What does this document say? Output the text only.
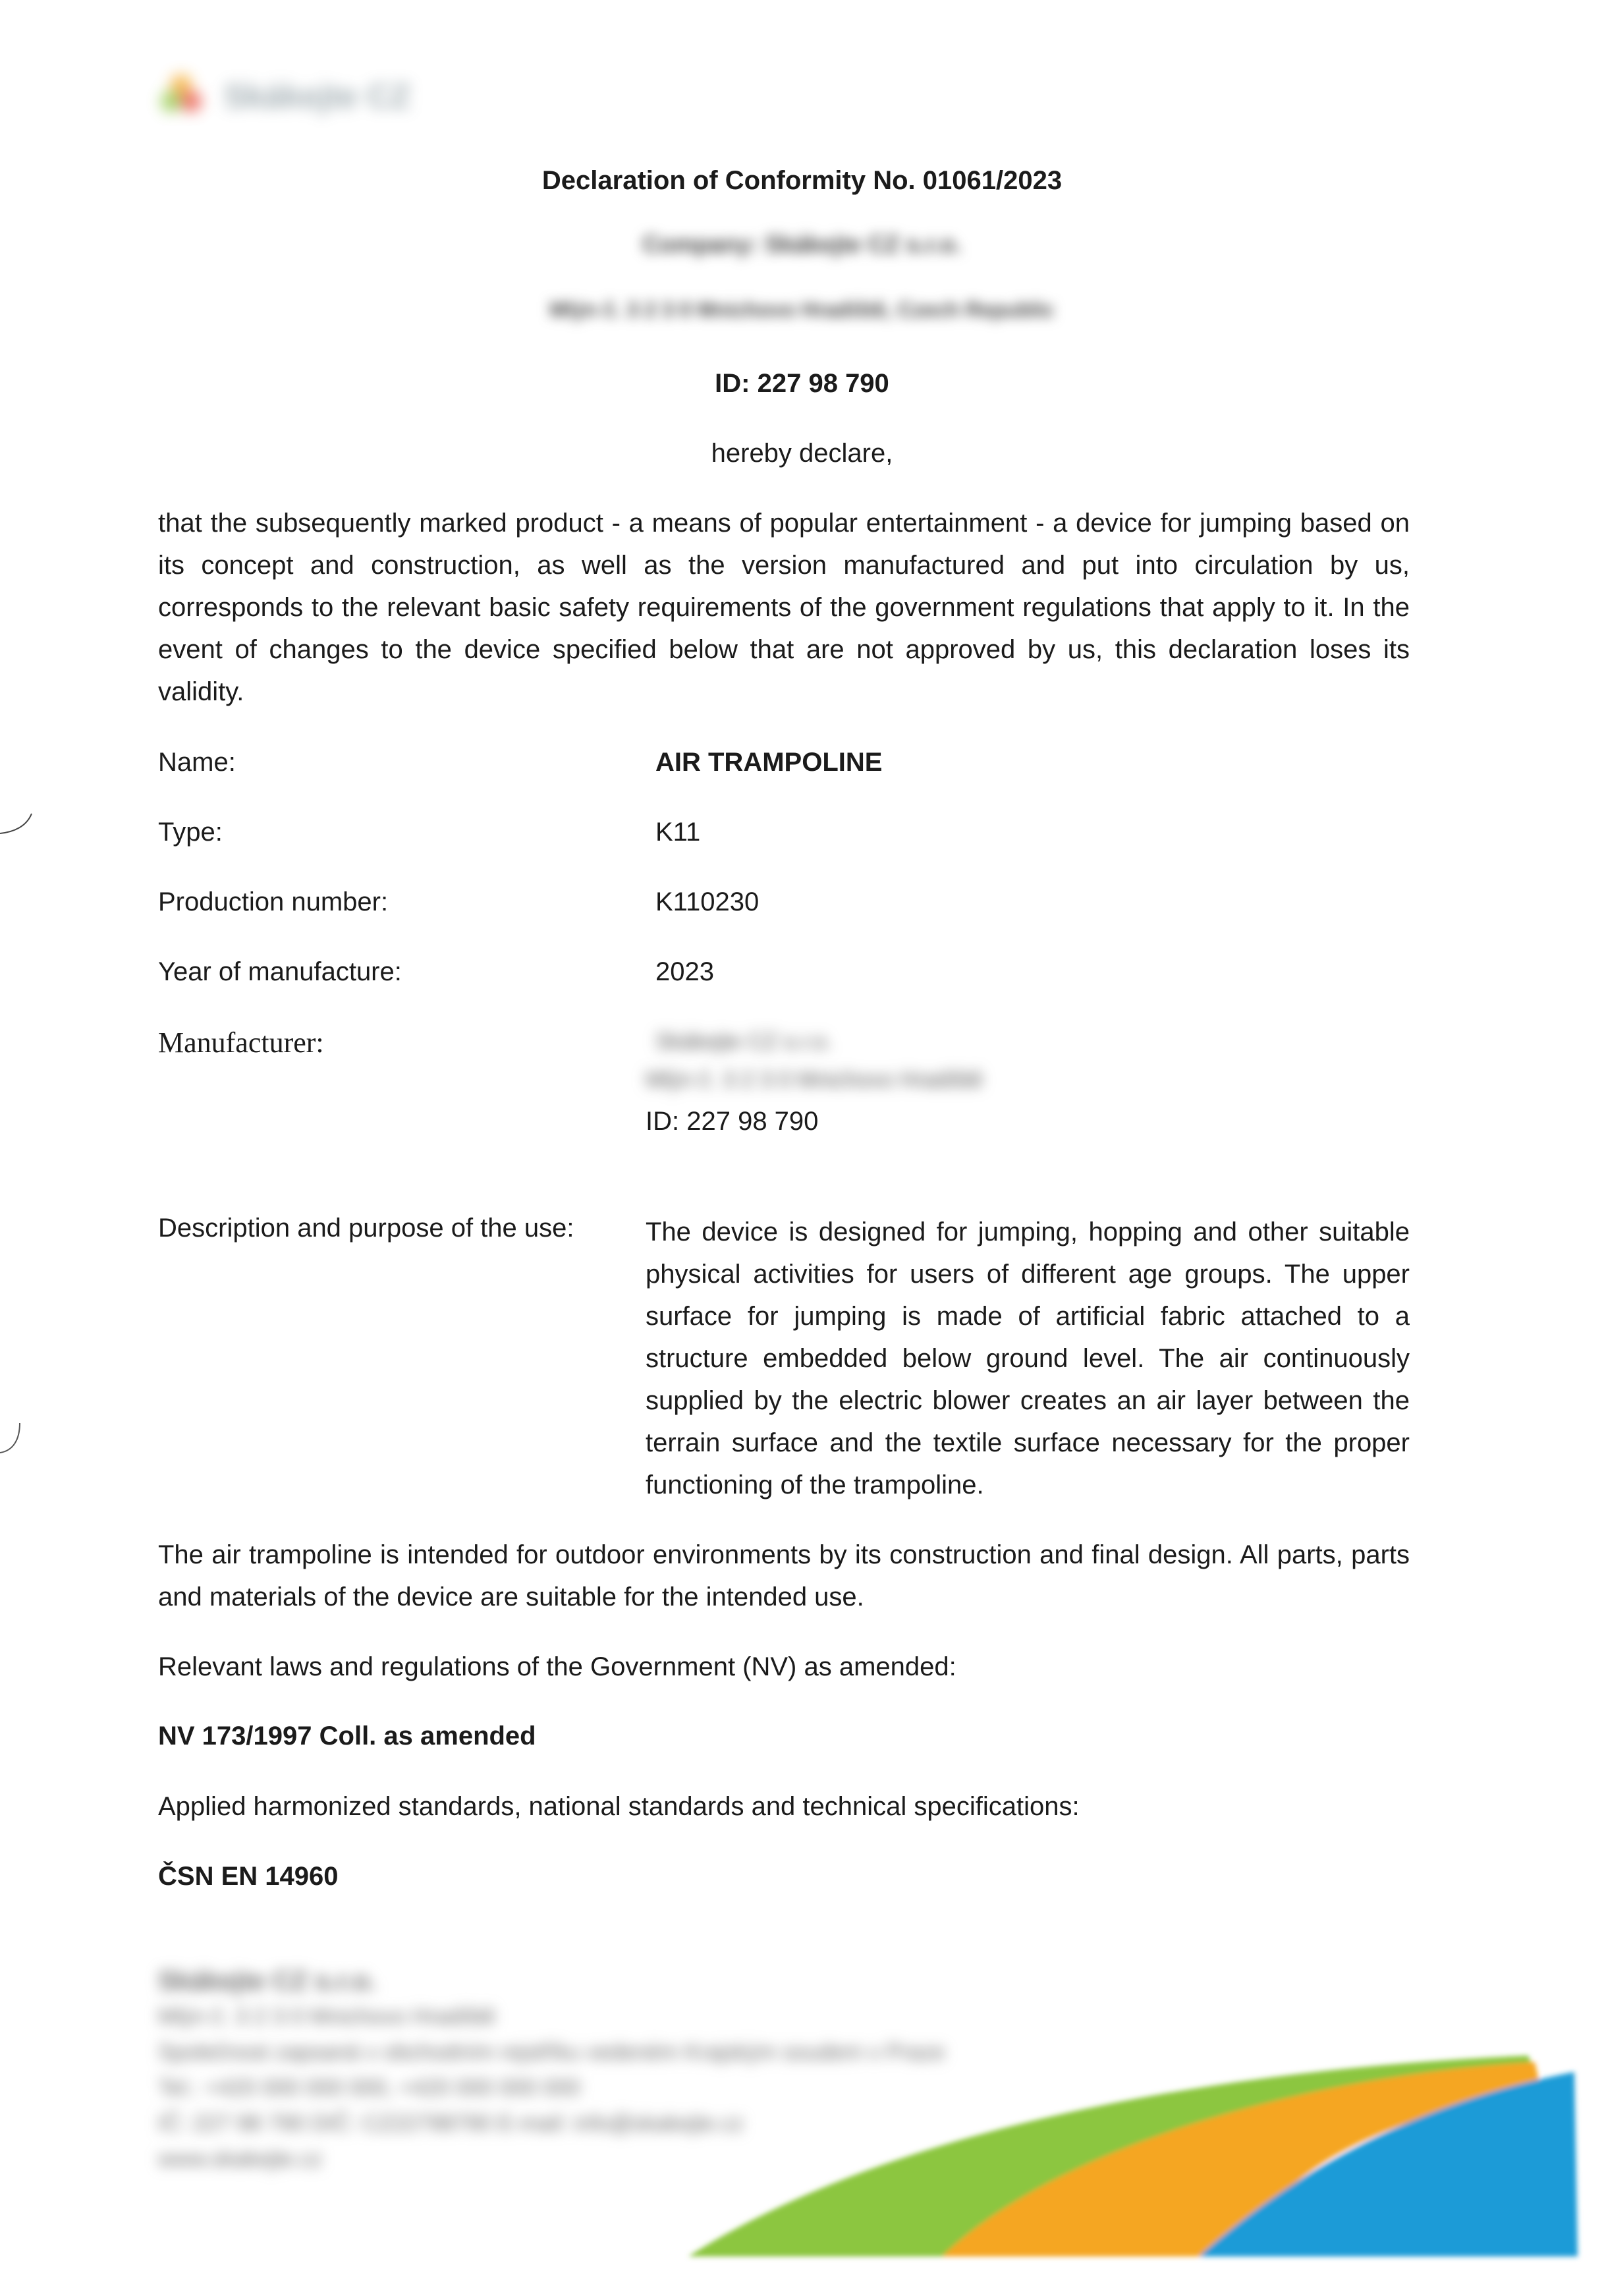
Skákejte CZ
Declaration of Conformity No. 01061/2023
Company: Skákejte CZ s.r.o.
Mlýn č. 3 2 3 0 Mnichovo Hradiště, Czech Republic
ID: 227 98 790
hereby declare,
that the subsequently marked product - a means of popular entertainment - a device for jumping based on its concept and construction, as well as the version manufactured and put into circulation by us, corresponds to the relevant basic safety requirements of the government regulations that apply to it. In the event of changes to the device specified below that are not approved by us, this declaration loses its validity.
Name:	AIR TRAMPOLINE
Type:	K11
Production number:	K110230
Year of manufacture:	2023
Manufacturer:	Skákejte CZ s.r.o.
Mlýn č. 3 2 3 0 Mnichovo Hradiště
ID: 227 98 790
Description and purpose of the use:	The device is designed for jumping, hopping and other suitable physical activities for users of different age groups. The upper surface for jumping is made of artificial fabric attached to a structure embedded below ground level. The air continuously supplied by the electric blower creates an air layer between the terrain surface and the textile surface necessary for the proper functioning of the trampoline.
The air trampoline is intended for outdoor environments by its construction and final design. All parts, parts and materials of the device are suitable for the intended use.
Relevant laws and regulations of the Government (NV) as amended:
NV 173/1997 Coll. as amended
Applied harmonized standards, national standards and technical specifications:
ČSN EN 14960
Skákejte CZ s.r.o.
Mlýn č. 3 2 3 0 Mnichovo Hradiště
Společnost zapsaná v obchodním rejstříku vedeném Krajským soudem v Praze
Tel.: +420 000 000 000, +420 000 000 000
IČ: 227 98 790 DIČ: CZ22798790 E-mail: info@skakejte.cz
www.skakejte.cz
